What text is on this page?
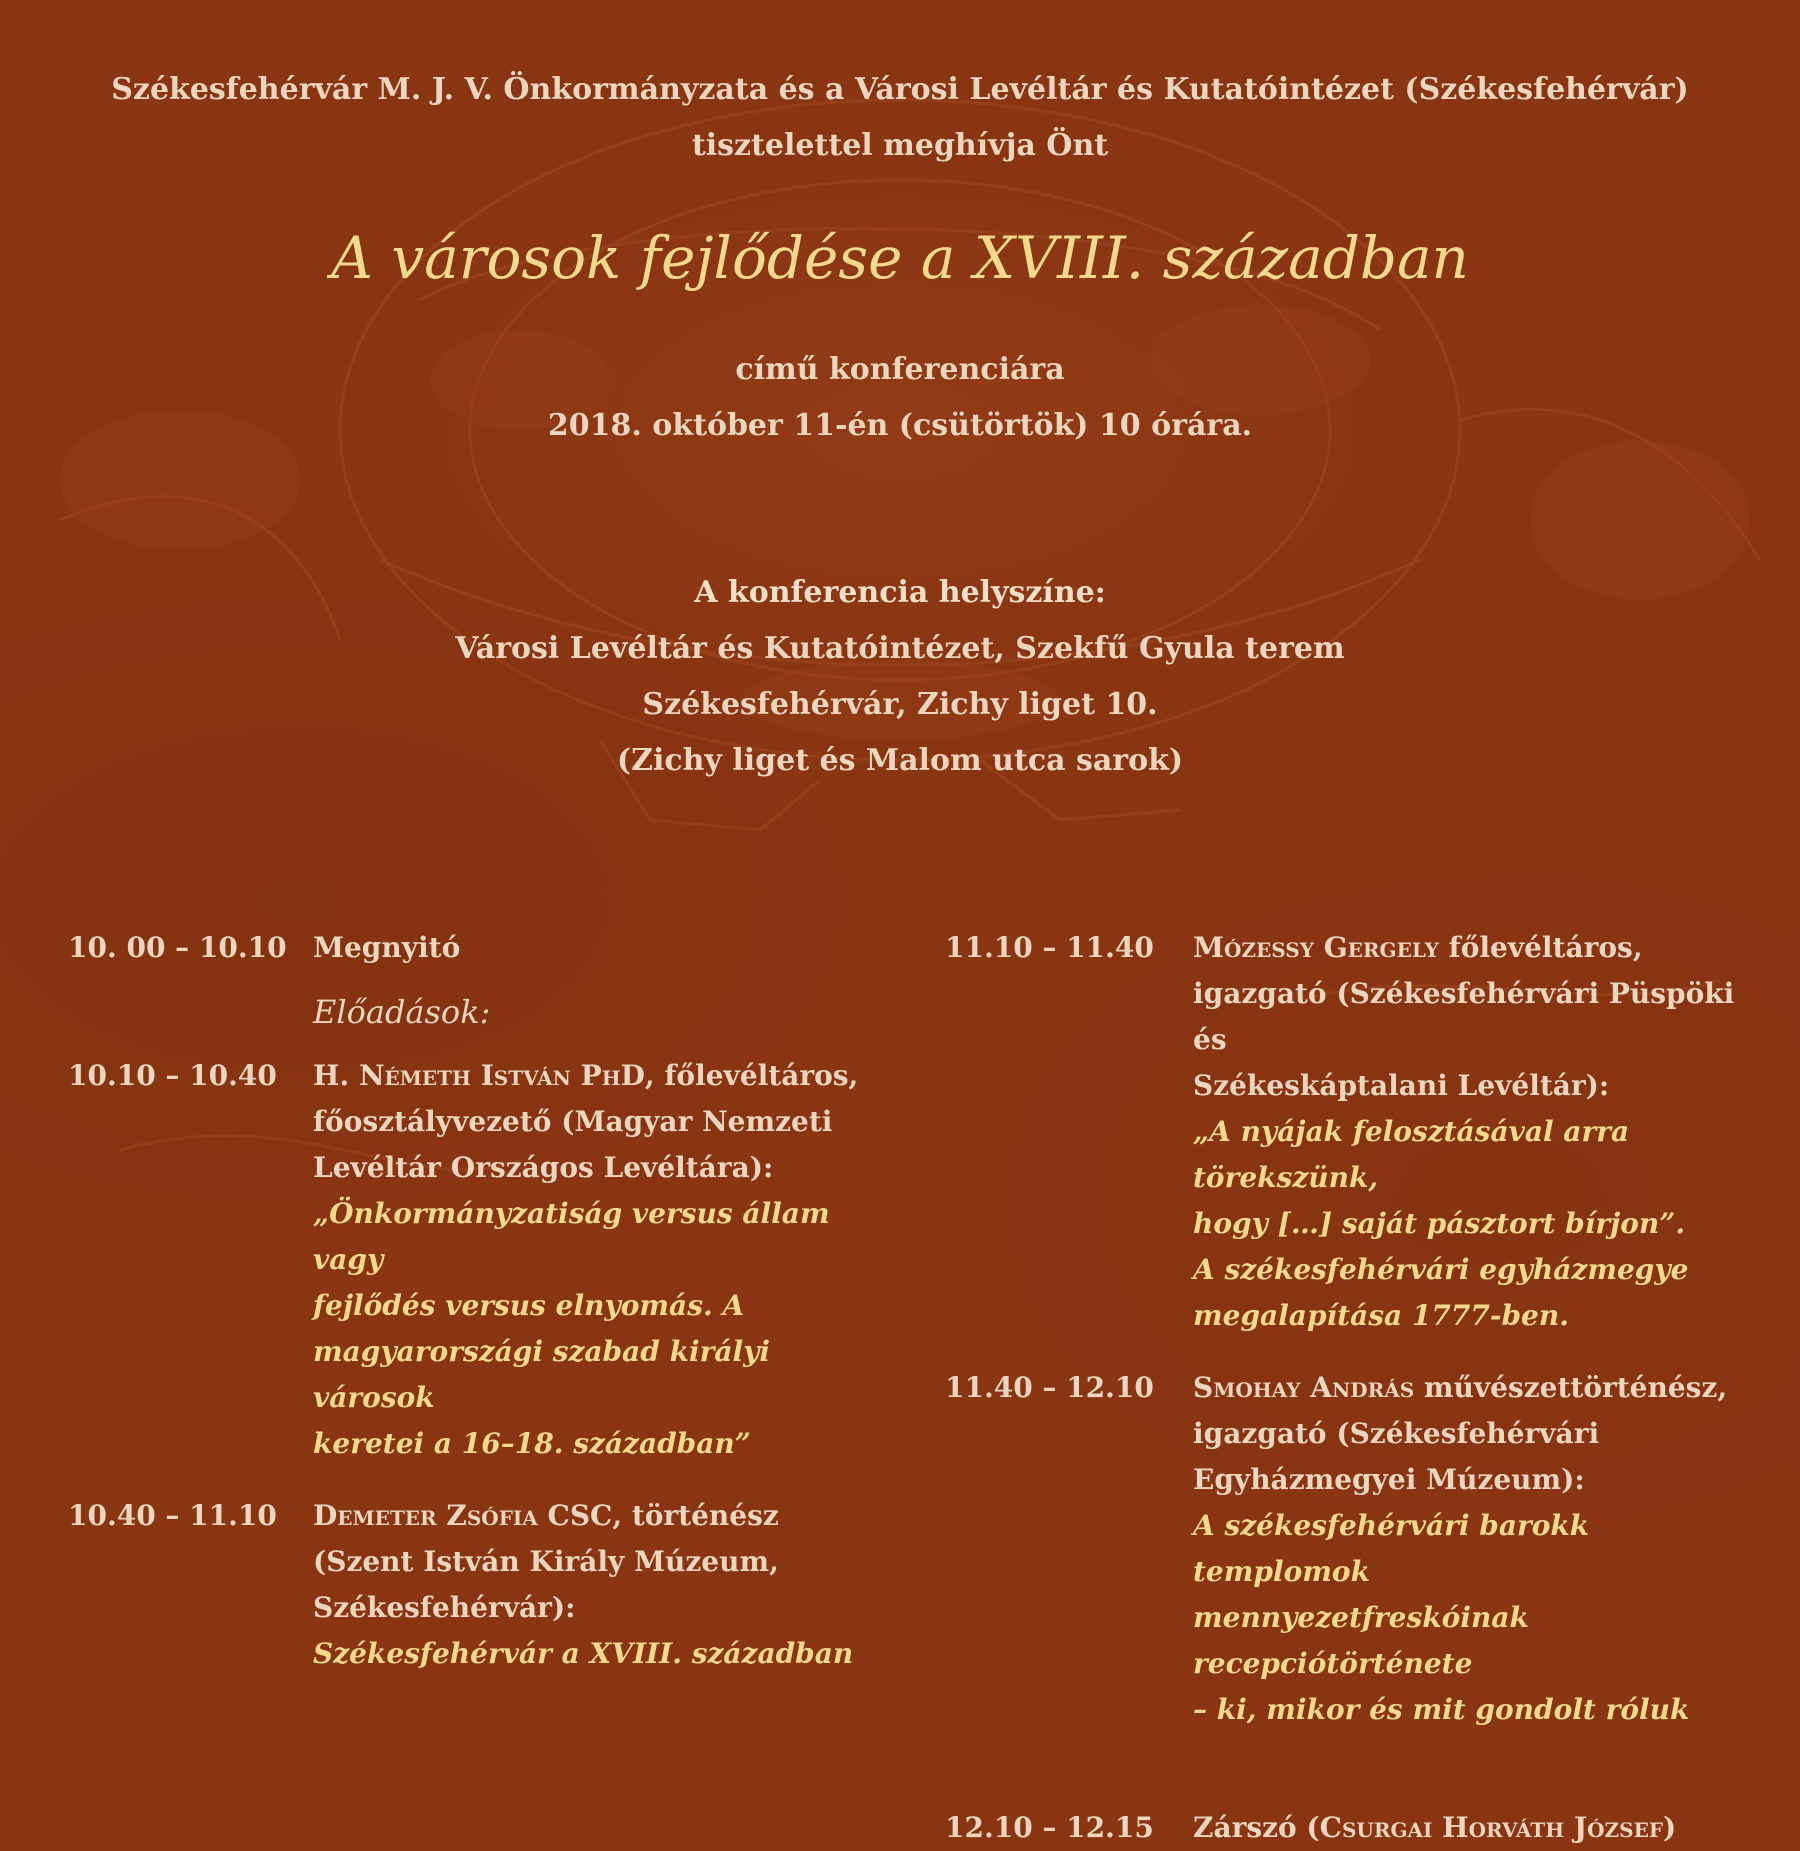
Székesfehérvár M. J. V. Önkormányzata és a Városi Levéltár és Kutatóintézet (Székesfehérvár)
tisztelettel meghívja Önt
A városok fejlődése a XVIII. században
című konferenciára
2018. október 11-én (csütörtök) 10 órára.
A konferencia helyszíne:
Városi Levéltár és Kutatóintézet, Szekfű Gyula terem
Székesfehérvár, Zichy liget 10.
(Zichy liget és Malom utca sarok)
10. 00 – 10.10 Megnyitó
Előadások:
10.10 – 10.40 H. Németh István PhD, főlevéltáros,
főosztályvezető (Magyar Nemzeti
Levéltár Országos Levéltára):
„Önkormányzatiság versus állam vagy
fejlődés versus elnyomás. A
magyarországi szabad királyi városok
keretei a 16–18. században”
10.40 – 11.10 Demeter Zsófia CSC, történész
(Szent István Király Múzeum,
Székesfehérvár):
Székesfehérvár a XVIII. században
11.10 – 11.40 Mózessy Gergely főlevéltáros,
igazgató (Székesfehérvári Püspöki és
Székeskáptalani Levéltár):
„A nyájak felosztásával arra törekszünk,
hogy […] saját pásztort bírjon”.
A székesfehérvári egyházmegye
megalapítása 1777-ben.
11.40 – 12.10 Smohay András művészettörténész,
igazgató (Székesfehérvári
Egyházmegyei Múzeum):
A székesfehérvári barokk templomok
mennyezetfreskóinak recepciótörténete
– ki, mikor és mit gondolt róluk
12.10 – 12.15 Zárszó (Csurgai Horváth József)
